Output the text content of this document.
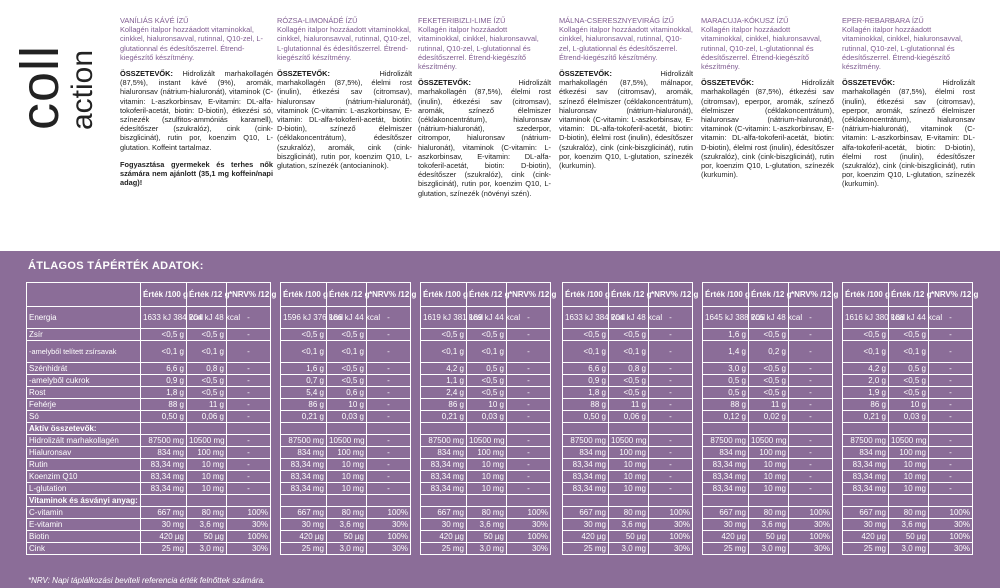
coll
action
VANÍLIÁS KÁVÉ ÍZŰ
Kollagén italpor hozzáadott vitaminokkal, cinkkel, hialuronsavval, rutinnal, Q10-zel, L-glutationnal és édesítőszerrel. Étrend-kiegészítő készítmény.
ÖSSZETEVŐK: Hidrolizált marhakollagén (87,5%), instant kávé (9%), aromák, hialuronsav (nátrium-hialuronát), vitaminok (C-vitamin: L-aszkorbinsav, E-vitamin: DL-alfa-tokoferil-acetát, biotin: D-biotin), étkezési só, színezék (szulfitos-ammóniás karamell), édesítőszer (szukralóz), cink (cink-biszglicinát), rutin por, koenzim Q10, L-glutation. Koffeint tartalmaz.
Fogyasztása gyermekek és terhes nők számára nem ajánlott (35,1 mg koffein/napi adag)!
RÓZSA-LIMONÁDÉ ÍZŰ
Kollagén italpor hozzáadott vitaminokkal, cinkkel, hialuronsavval, rutinnal, Q10-zel, L-glutationnal és édesítőszerrel. Étrend-kiegészítő készítmény.
ÖSSZETEVŐK:	Hidrolizált marhakollagén (87,5%), élelmi rost (inulin), étkezési sav (citromsav), hialuronsav (nátrium-hialuronát), vitaminok (C-vitamin: L-aszkorbinsav, E-vitamin: DL-alfa-tokoferil-acetát, biotin: D-biotin), színező élelmiszer (céklakoncentrátum), édesítőszer (szukralóz), aromák, cink (cink-biszglicinát), rutin por, koenzim Q10, L-glutation, színezék (antocianinok).
FEKETERIBIZLI-LIME ÍZŰ
Kollagén italpor hozzáadott vitaminokkal, cinkkel, hialuronsavval, rutinnal, Q10-zel, L-glutationnal és édesítőszerrel. Étrend-kiegészítő készítmény.
ÖSSZETEVŐK:	Hidrolizált marhakollagén (87,5%), élelmi rost (inulin), étkezési sav (citromsav), aromák, színező élelmiszer (céklakoncentrátum), hialuronsav (nátrium-hialuronát), szederpor, citrompor, hialuronsav (nátrium-hialuronát), vitaminok (C-vitamin: L-aszkorbinsav, E-vitamin: DL-alfa-tokoferil-acetát, biotin: D-biotin), édesítőszer (szukralóz), cink (cink-biszglicinát), rutin por, koenzim Q10, L-glutation, színezék (növényi szén).
MÁLNA-CSERESZNYEVIRÁG ÍZŰ
Kollagén italpor hozzáadott vitaminokkal, cinkkel, hialuronsavval, rutinnal, Q10-zel, L-glutationnal és édesítőszerrel. Étrend-kiegészítő készítmény.
ÖSSZETEVŐK:	Hidrolizált marhakollagén (87,5%), málnapor, étkezési sav (citromsav), aromák, színező élelmiszer (céklakoncentrátum), hialuronsav (nátrium-hialuronát), vitaminok (C-vitamin: L-aszkorbinsav, E-vitamin: DL-alfa-tokoferil-acetát, biotin: D-biotin), élelmi rost (inulin), édesítőszer (szukralóz), cink (cink-biszglicinát), rutin por, koenzim Q10, L-glutation, színezék (kurkumin).
MARACUJA-KÓKUSZ ÍZŰ
Kollagén italpor hozzáadott vitaminokkal, cinkkel, hialuronsavval, rutinnal, Q10-zel, L-glutationnal és édesítőszerrel. Étrend-kiegészítő készítmény.
ÖSSZETEVŐK:	Hidrolizált marhakollagén (87,5%), étkezési sav (citromsav), eperpor, aromák, színező élelmiszer (céklakoncentrátum), hialuronsav (nátrium-hialuronát), vitaminok (C-vitamin: L-aszkorbinsav, E-vitamin: DL-alfa-tokoferil-acetát, biotin: D-biotin), élelmi rost (inulin), édesítőszer (szukralóz), cink (cink-biszglicinát), rutin por, koenzim Q10, L-glutation, színezék (kurkumin).
EPER-REBARBARA ÍZŰ
Kollagén italpor hozzáadott vitaminokkal, cinkkel, hialuronsavval, rutinnal, Q10-zel, L-glutationnal és édesítőszerrel. Étrend-kiegészítő készítmény.
ÖSSZETEVŐK:	Hidrolizált marhakollagén (87,5%), élelmi rost (inulin), étkezési sav (citromsav), eperpor, aromák, színező élelmiszer (céklakoncentrátum), hialuronsav (nátrium-hialuronát), vitaminok (C-vitamin: L-aszkorbinsav, E-vitamin: DL-alfa-tokoferil-acetát, biotin: D-biotin), élelmi rost (inulin), édesítőszer (szukralóz), cink (cink-biszglicinát), rutin por, koenzim Q10, L-glutation, színezék (kurkumin).
ÁTLAGOS TÁPÉRTÉK ADATOK:
	Érték /100 g	Érték /12 g	*NRV% /12 g
Energia	1633 kJ 384 kcal	204 kJ 48 kcal	-
Zsír	<0,5 g	<0,5 g	-
-amelyből telített zsírsavak	<0,1 g	<0,1 g	-
Szénhidrát	6,6 g	0,8 g	-
-amelyből cukrok	0,9 g	<0,5 g	-
Rost	1,8 g	<0,5 g	-
Fehérje	88 g	11 g	-
Só	0,50 g	0,06 g	-
Aktív összetevők:			
Hidrolizált marhakollagén	87500 mg	10500 mg	-
Hialuronsav	834 mg	100 mg	-
Rutin	83,34 mg	10 mg	-
Koenzim Q10	83,34 mg	10 mg	-
L-glutation	83,34 mg	10 mg	-
Vitaminok és ásványi anyag:			
C-vitamin	667 mg	80 mg	100%
E-vitamin	30 mg	3,6 mg	30%
Biotin	420 µg	50 µg	100%
Cink	25 mg	3,0 mg	30%
Érték /100 g	Érték /12 g	*NRV% /12 g
1596 kJ 376 kcal	186 kJ 44 kcal	-
<0,5 g	<0,5 g	-
<0,1 g	<0,1 g	-
1,6 g	<0,5 g	-
0,7 g	<0,5 g	-
5,4 g	0,6 g	-
86 g	10 g	-
0,21 g	0,03 g	-

87500 mg	10500 mg	-
834 mg	100 mg	-
83,34 mg	10 mg	-
83,34 mg	10 mg	-
83,34 mg	10 mg	-

667 mg	80 mg	100%
30 mg	3,6 mg	30%
420 µg	50 µg	100%
25 mg	3,0 mg	30%
Érték /100 g	Érték /12 g	*NRV% /12 g
1619 kJ 381 kcal	189 kJ 44 kcal	-
<0,5 g	<0,5 g	-
<0,1 g	<0,1 g	-
4,2 g	0,5 g	-
1,1 g	<0,5 g	-
2,4 g	<0,5 g	-
86 g	10 g	-
0,21 g	0,03 g	-

87500 mg	10500 mg	-
834 mg	100 mg	-
83,34 mg	10 mg	-
83,34 mg	10 mg	-
83,34 mg	10 mg	-

667 mg	80 mg	100%
30 mg	3,6 mg	30%
420 µg	50 µg	100%
25 mg	3,0 mg	30%
Érték /100 g	Érték /12 g	*NRV% /12 g
1633 kJ 384 kcal	204 kJ 48 kcal	-
<0,5 g	<0,5 g	-
<0,1 g	<0,1 g	-
6,6 g	0,8 g	-
0,9 g	<0,5 g	-
1,8 g	<0,5 g	-
88 g	11 g	-
0,50 g	0,06 g	-

87500 mg	10500 mg	-
834 mg	100 mg	-
83,34 mg	10 mg	-
83,34 mg	10 mg	-
83,34 mg	10 mg	-

667 mg	80 mg	100%
30 mg	3,6 mg	30%
420 µg	50 µg	100%
25 mg	3,0 mg	30%
Érték /100 g	Érték /12 g	*NRV% /12 g
1645 kJ 388 kcal	205 kJ 48 kcal	-
1,6 g	<0,5 g	-
1,4 g	0,2 g	-
3,0 g	<0,5 g	-
0,5 g	<0,5 g	-
0,5 g	<0,5 g	-
88 g	11 g	-
0,12 g	0,02 g	-

87500 mg	10500 mg	-
834 mg	100 mg	-
83,34 mg	10 mg	-
83,34 mg	10 mg	-
83,34 mg	10 mg	-

667 mg	80 mg	100%
30 mg	3,6 mg	30%
420 µg	50 µg	100%
25 mg	3,0 mg	30%
Érték /100 g	Érték /12 g	*NRV% /12 g
1616 kJ 380 kcal	188 kJ 44 kcal	-
<0,5 g	<0,5 g	-
<0,1 g	<0,1 g	-
4,2 g	0,5 g	-
2,0 g	<0,5 g	-
1,9 g	<0,5 g	-
86 g	10 g	-
0,21 g	0,03 g	-

87500 mg	10500 mg	-
834 mg	100 mg	-
83,34 mg	10 mg	-
83,34 mg	10 mg	-
83,34 mg	10 mg	-

667 mg	80 mg	100%
30 mg	3,6 mg	30%
420 µg	50 µg	100%
25 mg	3,0 mg	30%
*NRV: Napi táplálkozási beviteli referencia érték felnőttek számára.
